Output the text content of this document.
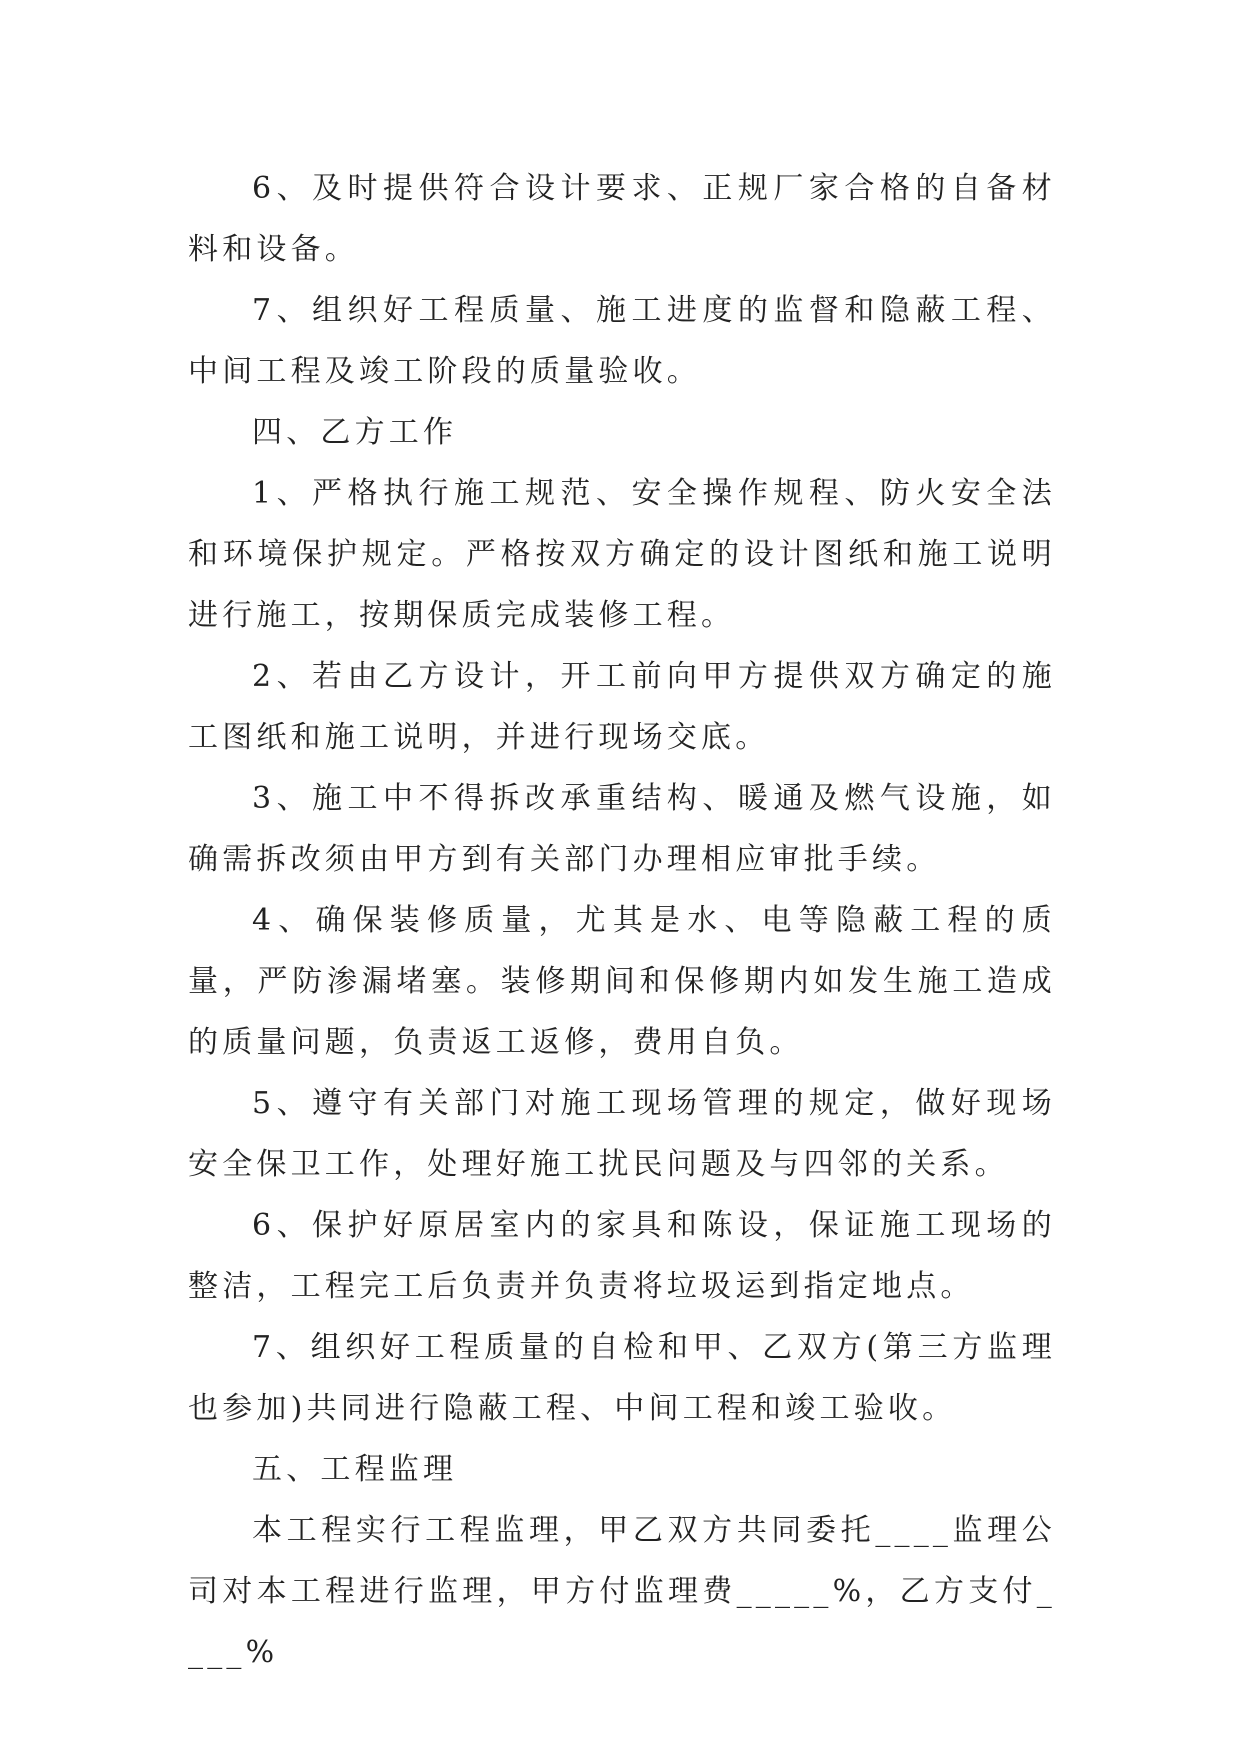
6、及时提供符合设计要求、正规厂家合格的自备材料和设备。

7、组织好工程质量、施工进度的监督和隐蔽工程、中间工程及竣工阶段的质量验收。

四、乙方工作

1、严格执行施工规范、安全操作规程、防火安全法和环境保护规定。严格按双方确定的设计图纸和施工说明进行施工，按期保质完成装修工程。

2、若由乙方设计，开工前向甲方提供双方确定的施工图纸和施工说明，并进行现场交底。

3、施工中不得拆改承重结构、暖通及燃气设施，如确需拆改须由甲方到有关部门办理相应审批手续。

4、确保装修质量，尤其是水、电等隐蔽工程的质量，严防渗漏堵塞。装修期间和保修期内如发生施工造成的质量问题，负责返工返修，费用自负。

5、遵守有关部门对施工现场管理的规定，做好现场安全保卫工作，处理好施工扰民问题及与四邻的关系。

6、保护好原居室内的家具和陈设，保证施工现场的整洁，工程完工后负责并负责将垃圾运到指定地点。

7、组织好工程质量的自检和甲、乙双方(第三方监理也参加)共同进行隐蔽工程、中间工程和竣工验收。

五、工程监理

本工程实行工程监理，甲乙双方共同委托____监理公司对本工程进行监理，甲方付监理费_____%，乙方支付____%
